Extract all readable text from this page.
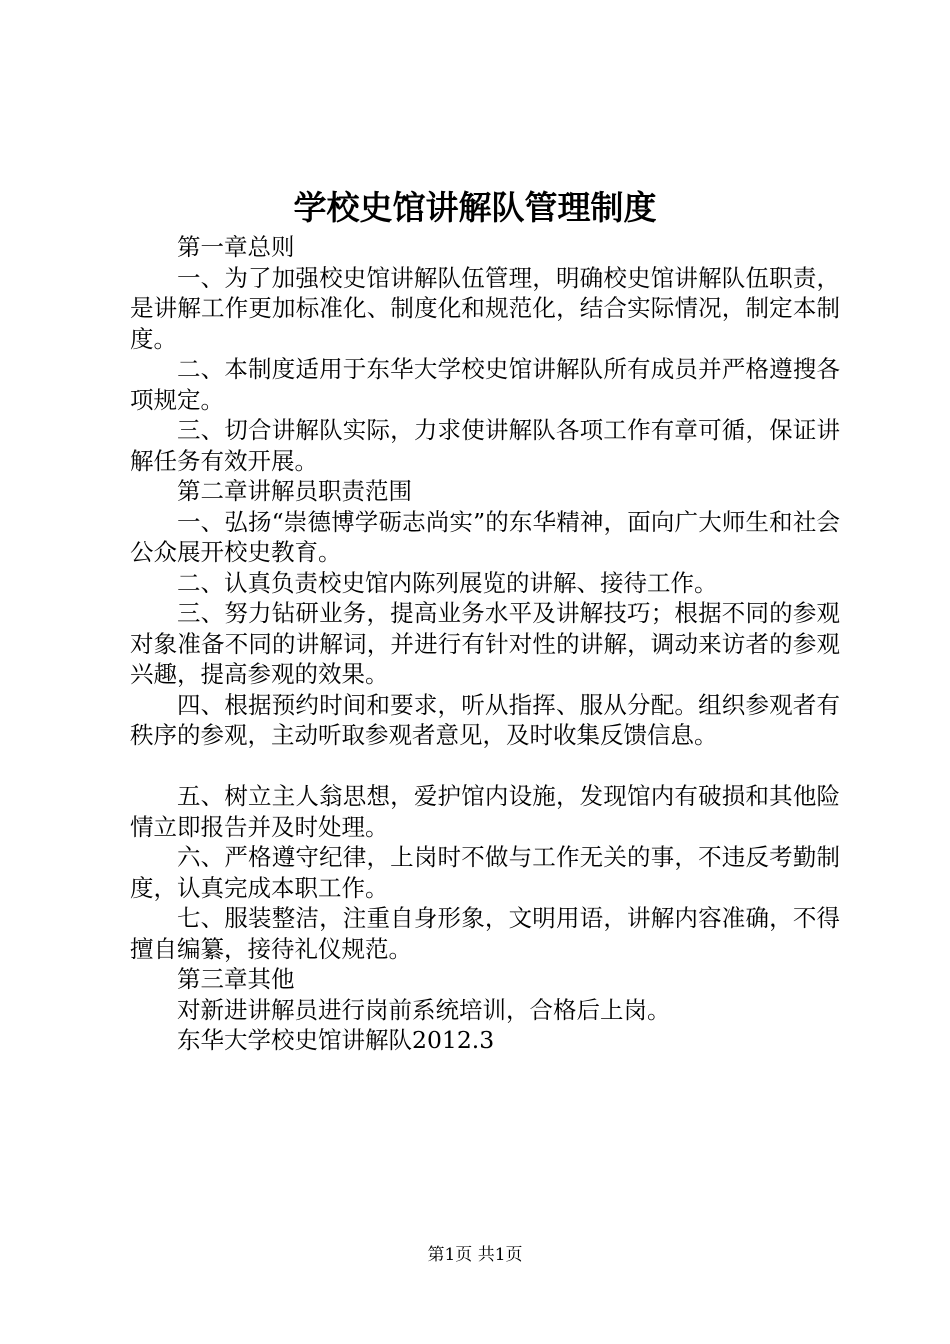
学校史馆讲解队管理制度

第一章总则

一、为了加强校史馆讲解队伍管理，明确校史馆讲解队伍职责，是讲解工作更加标准化、制度化和规范化，结合实际情况，制定本制度。

二、本制度适用于东华大学校史馆讲解队所有成员并严格遵搜各项规定。

三、切合讲解队实际，力求使讲解队各项工作有章可循，保证讲解任务有效开展。

第二章讲解员职责范围

一、弘扬“崇德博学砺志尚实”的东华精神，面向广大师生和社会公众展开校史教育。

二、认真负责校史馆内陈列展览的讲解、接待工作。

三、努力钻研业务，提高业务水平及讲解技巧；根据不同的参观对象准备不同的讲解词，并进行有针对性的讲解，调动来访者的参观兴趣，提高参观的效果。

四、根据预约时间和要求，听从指挥、服从分配。组织参观者有秩序的参观，主动听取参观者意见，及时收集反馈信息。

五、树立主人翁思想，爱护馆内设施，发现馆内有破损和其他险情立即报告并及时处理。

六、严格遵守纪律，上岗时不做与工作无关的事，不违反考勤制度，认真完成本职工作。

七、服装整洁，注重自身形象，文明用语，讲解内容准确，不得擅自编纂，接待礼仪规范。

第三章其他

对新进讲解员进行岗前系统培训，合格后上岗。

东华大学校史馆讲解队2012.3

第1页 共1页
